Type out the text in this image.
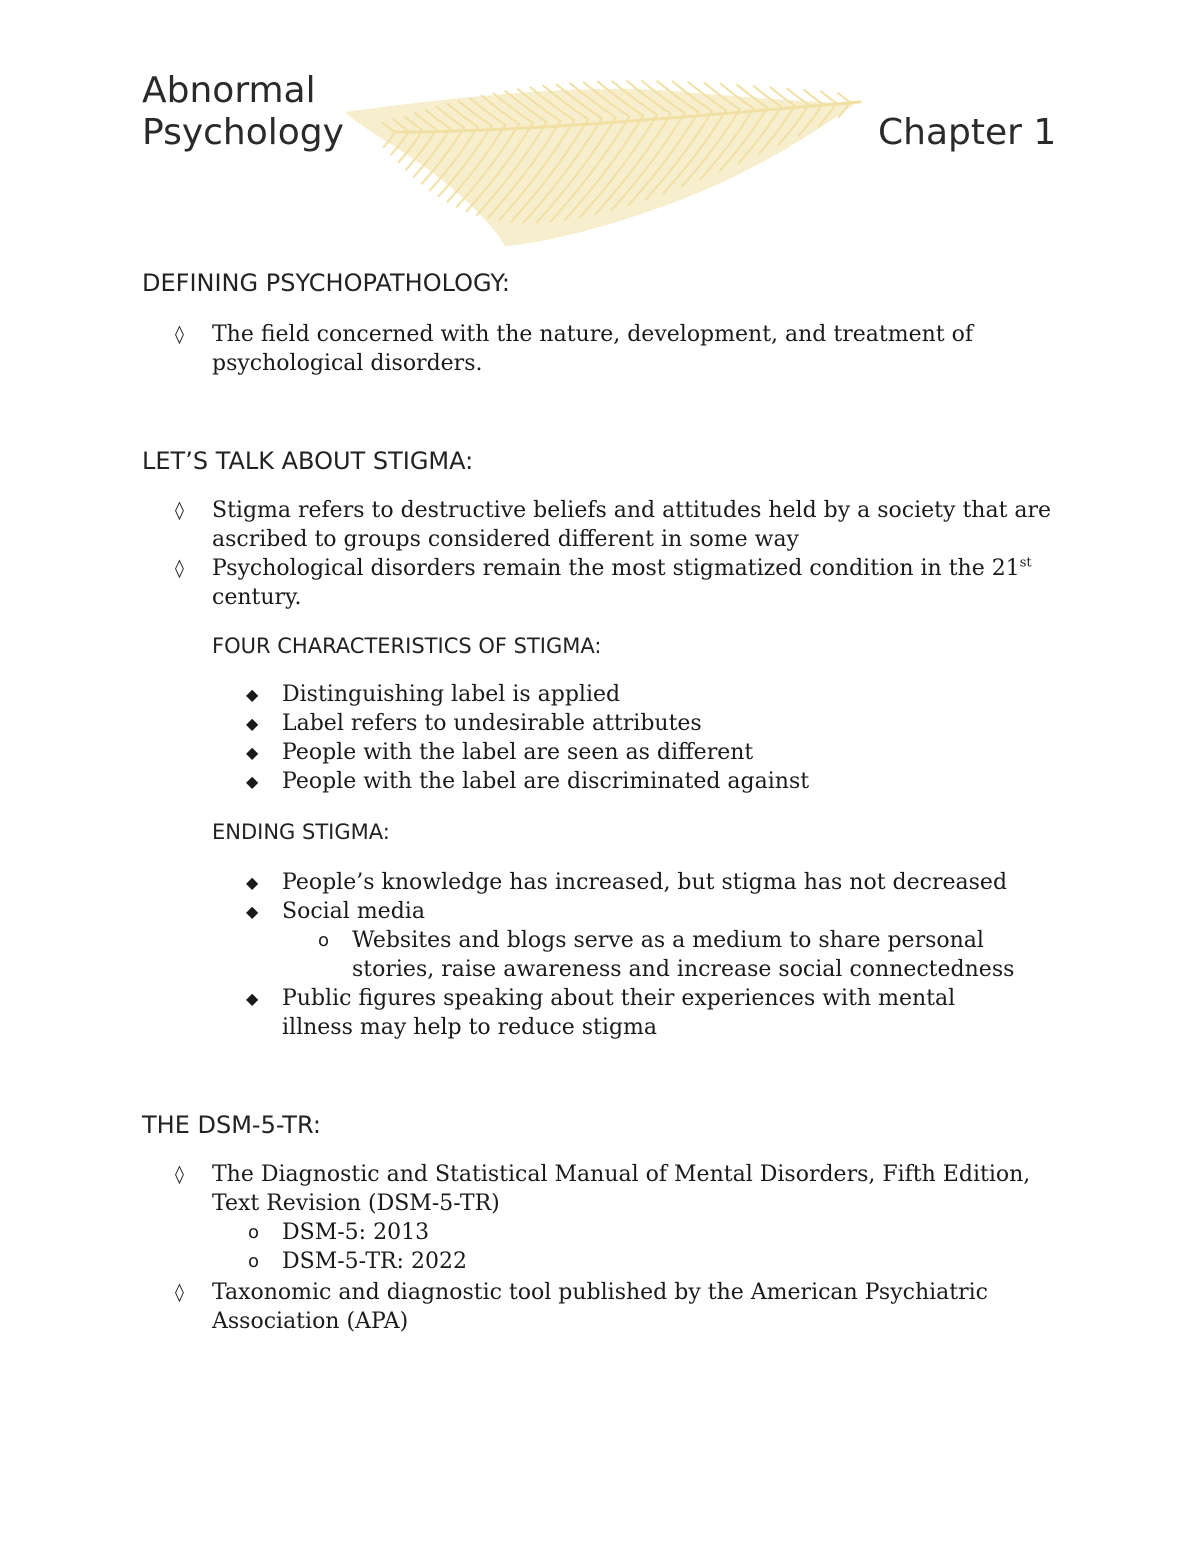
Abnormal
Psychology	Chapter 1
DEFINING PSYCHOPATHOLOGY:
◊ The field concerned with the nature, development, and treatment of psychological disorders.
LET’S TALK ABOUT STIGMA:
◊ Stigma refers to destructive beliefs and attitudes held by a society that are ascribed to groups considered different in some way
◊ Psychological disorders remain the most stigmatized condition in the 21st century.
FOUR CHARACTERISTICS OF STIGMA:
◆ Distinguishing label is applied
◆ Label refers to undesirable attributes
◆ People with the label are seen as different
◆ People with the label are discriminated against
ENDING STIGMA:
◆ People’s knowledge has increased, but stigma has not decreased
◆ Social media
o Websites and blogs serve as a medium to share personal stories, raise awareness and increase social connectedness
◆ Public figures speaking about their experiences with mental illness may help to reduce stigma
THE DSM-5-TR:
◊ The Diagnostic and Statistical Manual of Mental Disorders, Fifth Edition, Text Revision (DSM-5-TR)
o DSM-5: 2013
o DSM-5-TR: 2022
◊ Taxonomic and diagnostic tool published by the American Psychiatric Association (APA)
